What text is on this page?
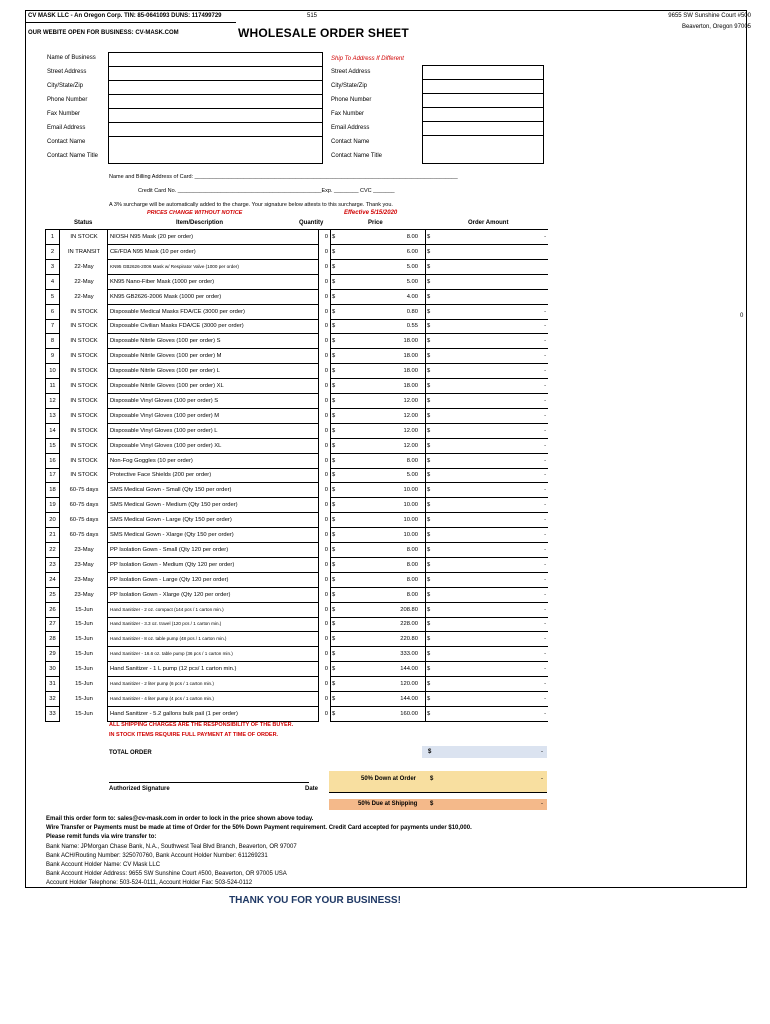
CV MASK LLC - An Oregon Corp. TIN: 85-0641093 DUNS: 117499729	515	9655 SW Sunshine Court #500
Beaverton, Oregon 97005
OUR WEBITE OPEN FOR BUSINESS: CV-MASK.COM	WHOLESALE ORDER SHEET
Name of Business
Street Address
City/State/Zip
Phone Number
Fax Number
Email Address
Contact Name
Contact Name Title
Ship To Address If Different
Street Address
City/State/Zip
Phone Number
Fax Number
Email Address
Contact Name
Contact Name Title
Name and Billing Address of Card: ______________________________________________________________________________________
Credit Card No. _______________________________________________Exp. ________ CVC _______
A 3% surcharge will be automatically added to the charge. Your signature below attests to this surcharge. Thank you.
PRICES CHANGE WITHOUT NOTICE	Effective 5/15/2020
Status	Item/Description	Quantity	Price	Order Amount
1	IN STOCK	NIOSH N95 Mask (20 per order)	0 $	8.00 $	-
2	IN TRANSIT	CE/FDA N95 Mask (10 per order)	0 $	6.00 $
3	22-May	KN95 GB2626-2006 Mask w/ Respirator Valve (1000 per order)	0 $	5.00 $
4	22-May	KN95 Nano-Fiber Mask (1000 per order)	0 $	5.00 $
5	22-May	KN95 GB2626-2006 Mask (1000 per order)	0 $	4.00 $
6	IN STOCK	Disposable Medical Masks FDA/CE (3000 per order)	0 $	0.80 $	-
7	IN STOCK	Disposable Civilian Masks FDA/CE (3000 per order)	0 $	0.55 $	-
8	IN STOCK	Disposable Nitrile Gloves (100 per order) S	0 $	18.00 $	-
9	IN STOCK	Disposable Nitrile Gloves (100 per order) M	0 $	18.00 $	-
10	IN STOCK	Disposable Nitrile Gloves (100 per order) L	0 $	18.00 $	-
11	IN STOCK	Disposable Nitrile Gloves (100 per order) XL	0 $	18.00 $	-
12	IN STOCK	Disposable Vinyl Gloves (100 per order) S	0 $	12.00 $	-
13	IN STOCK	Disposable Vinyl Gloves (100 per order) M	0 $	12.00 $	-
14	IN STOCK	Disposable Vinyl Gloves (100 per order) L	0 $	12.00 $	-
15	IN STOCK	Disposable Vinyl Gloves (100 per order) XL	0 $	12.00 $	-
16	IN STOCK	Non-Fog Goggles (10 per order)	0 $	8.00 $	-
17	IN STOCK	Protective Face Shields (200 per order)	0 $	5.00 $	-
18	60-75 days	SMS Medical Gown - Small (Qty 150 per order)	0 $	10.00 $	-
19	60-75 days	SMS Medical Gown - Medium (Qty 150 per order)	0 $	10.00 $	-
20	60-75 days	SMS Medical Gown - Large (Qty 150 per order)	0 $	10.00 $	-
21	60-75 days	SMS Medical Gown - Xlarge (Qty 150 per order)	0 $	10.00 $	-
22	23-May	PP Isolation Gown - Small (Qty 120 per order)	0 $	8.00 $	-
23	23-May	PP Isolation Gown - Medium (Qty 120 per order)	0 $	8.00 $	-
24	23-May	PP Isolation Gown - Large (Qty 120 per order)	0 $	8.00 $	-
25	23-May	PP Isolation Gown - Xlarge (Qty 120 per order)	0 $	8.00 $	-
26	15-Jun	Hand Sanitizer - 2 oz. compact (144 pcs / 1 carton min.)	0 $	208.80 $	-
27	15-Jun	Hand Sanitizer - 3.3 oz. travel (120 pcs / 1 carton min.)	0 $	228.00 $	-
28	15-Jun	Hand Sanitizer - 8 oz. table pump (48 pcs / 1 carton min.)	0 $	220.80 $	-
29	15-Jun	Hand Sanitizer - 16.6 oz. table pump (36 pcs / 1 carton min.)	0 $	333.00 $	-
30	15-Jun	Hand Sanitizer - 1 L pump (12 pcs/ 1 carton min.)	0 $	144.00 $	-
31	15-Jun	Hand Sanitizer - 2 liter pump (6 pcs / 1 carton min.)	0 $	120.00 $	-
32	15-Jun	Hand Sanitizer - 4 liter pump (4 pcs / 1 carton min.)	0 $	144.00 $	-
33	15-Jun	Hand Sanitizer - 5.2 gallons bulk pail (1 per order)	0 $	160.00 $	-
ALL SHIPPING CHARGES ARE THE RESPONSIBILITY OF THE BUYER.
IN STOCK ITEMS REQUIRE FULL PAYMENT AT TIME OF ORDER.
TOTAL ORDER	$	-
50% Down at Order $	-
Authorized Signature	Date
50% Due at Shipping $	-
Email this order form to: sales@cv-mask.com in order to lock in the price shown above today.
Wire Transfer or Payments must be made at time of Order for the 50% Down Payment requirement. Credit Card accepted for payments under $10,000.
Please remit funds via wire transfer to:
Bank Name: JPMorgan Chase Bank, N.A., Southwest Teal Blvd Branch, Beaverton, OR 97007
Bank ACH/Routing Number: 325070760, Bank Account Holder Number: 611269231
Bank Account Holder Name: CV Mask LLC
Bank Account Holder Address: 9655 SW Sunshine Court #500, Beaverton, OR 97005 USA
Account Holder Telephone: 503-524-0111, Account Holder Fax: 503-524-0112
0
THANK YOU FOR YOUR BUSINESS!
